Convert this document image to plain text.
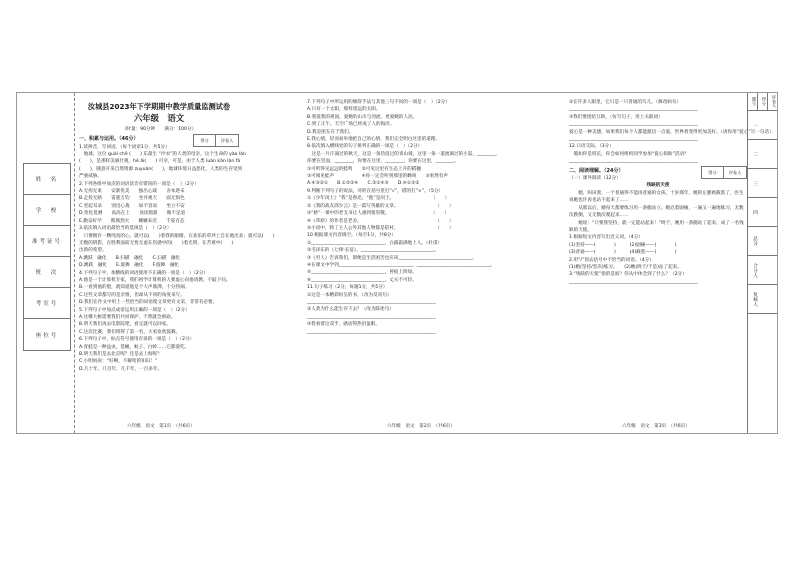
姓　名
学　校
准考证号
班　次
考室号
座位号
汝城县2023年下学期期中教学质量监测试卷
六年级　语文
（时量：90分钟　　满分：100分）
得分	评卷人
一、积累与运用。（46分）
1.读拼音，写词语。（每个词语1分，共5分）
　地球，这位 guǎi chě (　　) 东最生 “沙衣”的人类的母亲，这个生命的 yào lán
(　　)，是那样美丽壮观，hé ǎi(　　) 可亲，可是，由于人类 luàn kǎn làn fá
(　　)，随意开采自然资源 zuyuán(　　)，地球环境日益恶化，人类的生存受到
严重威胁。
2.下列各组中加点的词语读音有错误的一项是（　）（2分）
A.无拘无束　　安寨优美　　独出心裁　　舍本逐末
B.走投无路　　雷霆万钧　　坐井观天　　面无惧色
C.竖起耳朵　　别出心裁　　如不容易　　坐立不安
D.变化莫测　　高高在上　　顶顶鼎鼎　　微不足道
E.勤奋好学　　熊熊烈火　　姗姗来迟　　千姿百态
3.依次填入词语最恰当的选项是（　）（2分）
　只要拥有一颗纯真的心，就可以(　　)着我的眼睛，在欢乐的草坪上自在地出来；就可以(　　)
无数的阴影，在胜利面前无忧无虑在伤感中的(　　)着光明，在苦难中(　　)
出新的希望。
A.跳跃　融化　　B.扫描　融化　　C.扫描　融化
D.跳跃　融化　　E.旋舞　融化　　F.旋舞　融化
4.下列句子中，加横线的词语使用不正确的一项是（　）（2分）
A.他是一个计算机专家，我们初学计算机的人要虚心向他请教，不耻下问。
B.一看到他的脸，就知道他是个大声鼎沸，十分热闹。
C.这些文章都写的是亲情，但却从不同的角度来写。
D.我们在作文中用上一些恰当的词语使文章更有文采，非常有必要。
5.下列句子中加点成语运用正确的一项是（　）（2分）
A.这棵大树需要我们共同保护，不然就会被砍。
B.明天我们再去电影院吧，看完就可以回家。
C.这次比赛，我们班得了第一名，大家欢欣鼓舞。
6.下列句子中，标点符号使用有误的一项是（　）（2分）
A.青蛙是一种益虫，苍蝇、蚊子、白蛉……它都爱吃。
B.明天我们是去北京呢？还是去上海呢？
C.小明妈说：“好啊，不解哈的知识！”
D.几十年，几百年，几千年，一百多年。
7.下列句子中所运用的修辞手法与其他三句不同的一项是（　）（2分）
A.只有一个太阳，那样遥远的太阳。
B.我爱我的祖国，爱她的山川与河流，更爱她的人民。
C.到了正午，天空广场已经成了人的海洋。
D.我是朋友在于我们。
E.我心情，轻而易举地把自己的心情，我们完全明白这里的道理。
8.依次填入横线处的句子排列正确的一项是（　）（2分）
　这是一片汗淌过的秋天，这是一条热浪过的青山坡，这里一条一道流淌过的小渠，________，
你要在里面，________，你要在这里，________，你要在这里，________。
①可听得见远远的蛙鸣　　②可见这里有生态上升的稻穗
③可闻见蛙声　　　　　　④你一定会听到那里的蝉叫　　⑤果然有声
A.④③②①　　B.①③②④　　C.②①④③　　D.④①③②
9.判断下列句子的说法，对的在括号里打“√”，错的打“×”。（5分）
①《少年闰土》“我”是鲁迅，“他”是闰土。　　　　　　　　　（　　）
②《我的战友邱少云》是一篇写英雄的文章。　　　　　　　　　（　　）
③“桥”一课中的老支书让人感到很崇敬。　　　　　　　　　　（　　）
④《草原》的作者是老舍。　　　　　　　　　　　　　　　　　（　　）
⑤小说中，除了主人公外其他人物都是陪衬。　　　　　　　　　（　　）
10.根据课文内容填空。（每空1分，共8分）
①________________________________，白露霜满地上人。（杜甫）
②毛泽东的《七律·长征》，________________________________。
③《穷人》告诉我们，即便是生活困苦也应该________________________________。
④在课文中学到________________________________，________________________________。
⑤________________________________，苔痕上阶绿。
⑥________________________________，丈夫不可轻。
11.句子练习（2分，每题1分，共5分）
①这是一本精彩纷呈的书，（改为反问句）
________________________________________________________
②人类为什么能生存下去？（改为陈述句）
________________________________________________________
③我看着这双手，感动得热泪盈眶。
________________________________________________________
②在许多人眼里，它只是一只普通的鸟儿。（修改病句）
________________________________________________________
③我们要团结互助。（仿写句子，用上关联词）
________________________________________________________
爱心是一种美德，如果我们每个人都能献出一点爱，世界将变得更加美好。（请你用“爱心”写一句话）
________________________________________________________
12.口语交际。（3分）
　假如你是班长，你会如何组织同学参加“爱心捐助”活动？
________________________________________________________
得分	评卷人
二、阅读理解。（24分）
（一）课外阅读（12分）
残缺的天使
　　她，叫田蕾，一个普通得不能再普通的女孩。十岁那年，她的左腿被截肢了，医生说她也许再也站不起来了……
　　从那以后，她每天都要练习用一条腿站立。她忍着剧痛，一遍又一遍地练习，无数次跌倒，又无数次爬起来……
　　她说：“只要我坚持，就一定能站起来！”终于，她用一条腿站了起来，成了一名残缺的天使。
1.根据短文内容写出近义词。（4分）
(1)坚持——(　　　　)　　　(2)剧痛——(　　　　)
(3)普通——(　　　　)　　　(4)截肢——(　　　　)
2.用“/”划去括号中不恰当的词语。（4分）
(1)她(坚持/坚决)练习。　　(2)她(终于/于是)站了起来。
3.“残缺的天使”指的是谁？你从中体会到了什么？（2分）
________________________________________________________
题号	得分	评卷人
一
二
三
四
总分
合分人
复核人
六年级　语文　第1页　（共6页）	六年级　语文　第2页　（共6页）	六年级　语文　第3页　（共6页）
